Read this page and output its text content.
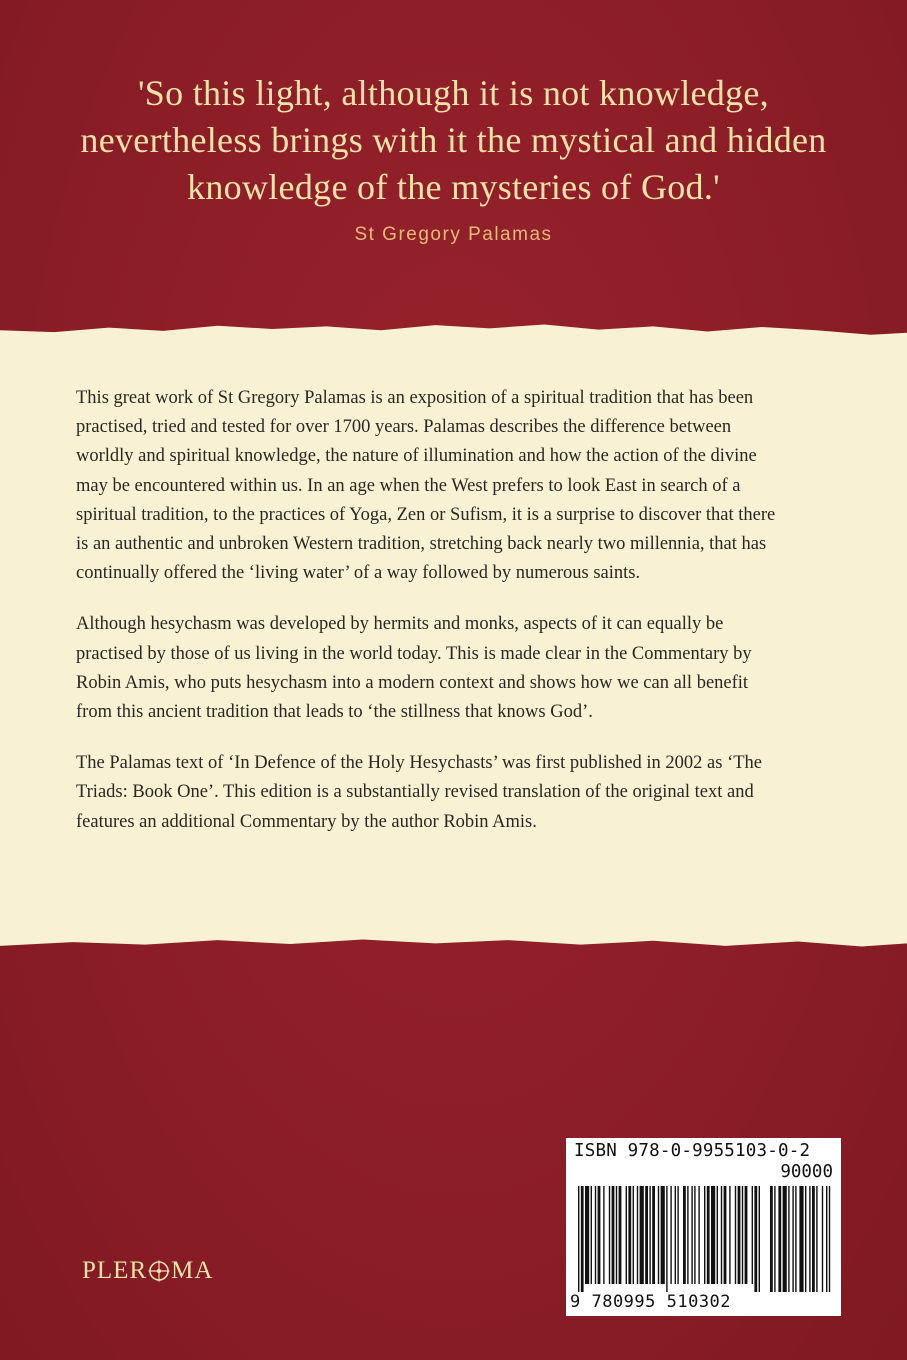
'So this light, although it is not knowledge,
nevertheless brings with it the mystical and hidden
knowledge of the mysteries of God.'
St Gregory Palamas
This great work of St Gregory Palamas is an exposition of a spiritual tradition that has been
practised, tried and tested for over 1700 years. Palamas describes the difference between
worldly and spiritual knowledge, the nature of illumination and how the action of the divine
may be encountered within us. In an age when the West prefers to look East in search of a
spiritual tradition, to the practices of Yoga, Zen or Sufism, it is a surprise to discover that there
is an authentic and unbroken Western tradition, stretching back nearly two millennia, that has
continually offered the ‘living water’ of a way followed by numerous saints.
Although hesychasm was developed by hermits and monks, aspects of it can equally be
practised by those of us living in the world today. This is made clear in the Commentary by
Robin Amis, who puts hesychasm into a modern context and shows how we can all benefit
from this ancient tradition that leads to ‘the stillness that knows God’.
The Palamas text of ‘In Defence of the Holy Hesychasts’ was first published in 2002 as ‘The
Triads: Book One’. This edition is a substantially revised translation of the original text and
features an additional Commentary by the author Robin Amis.
PLER MA
ISBN 978-0-9955103-0-2
90000
9 780995 510302
